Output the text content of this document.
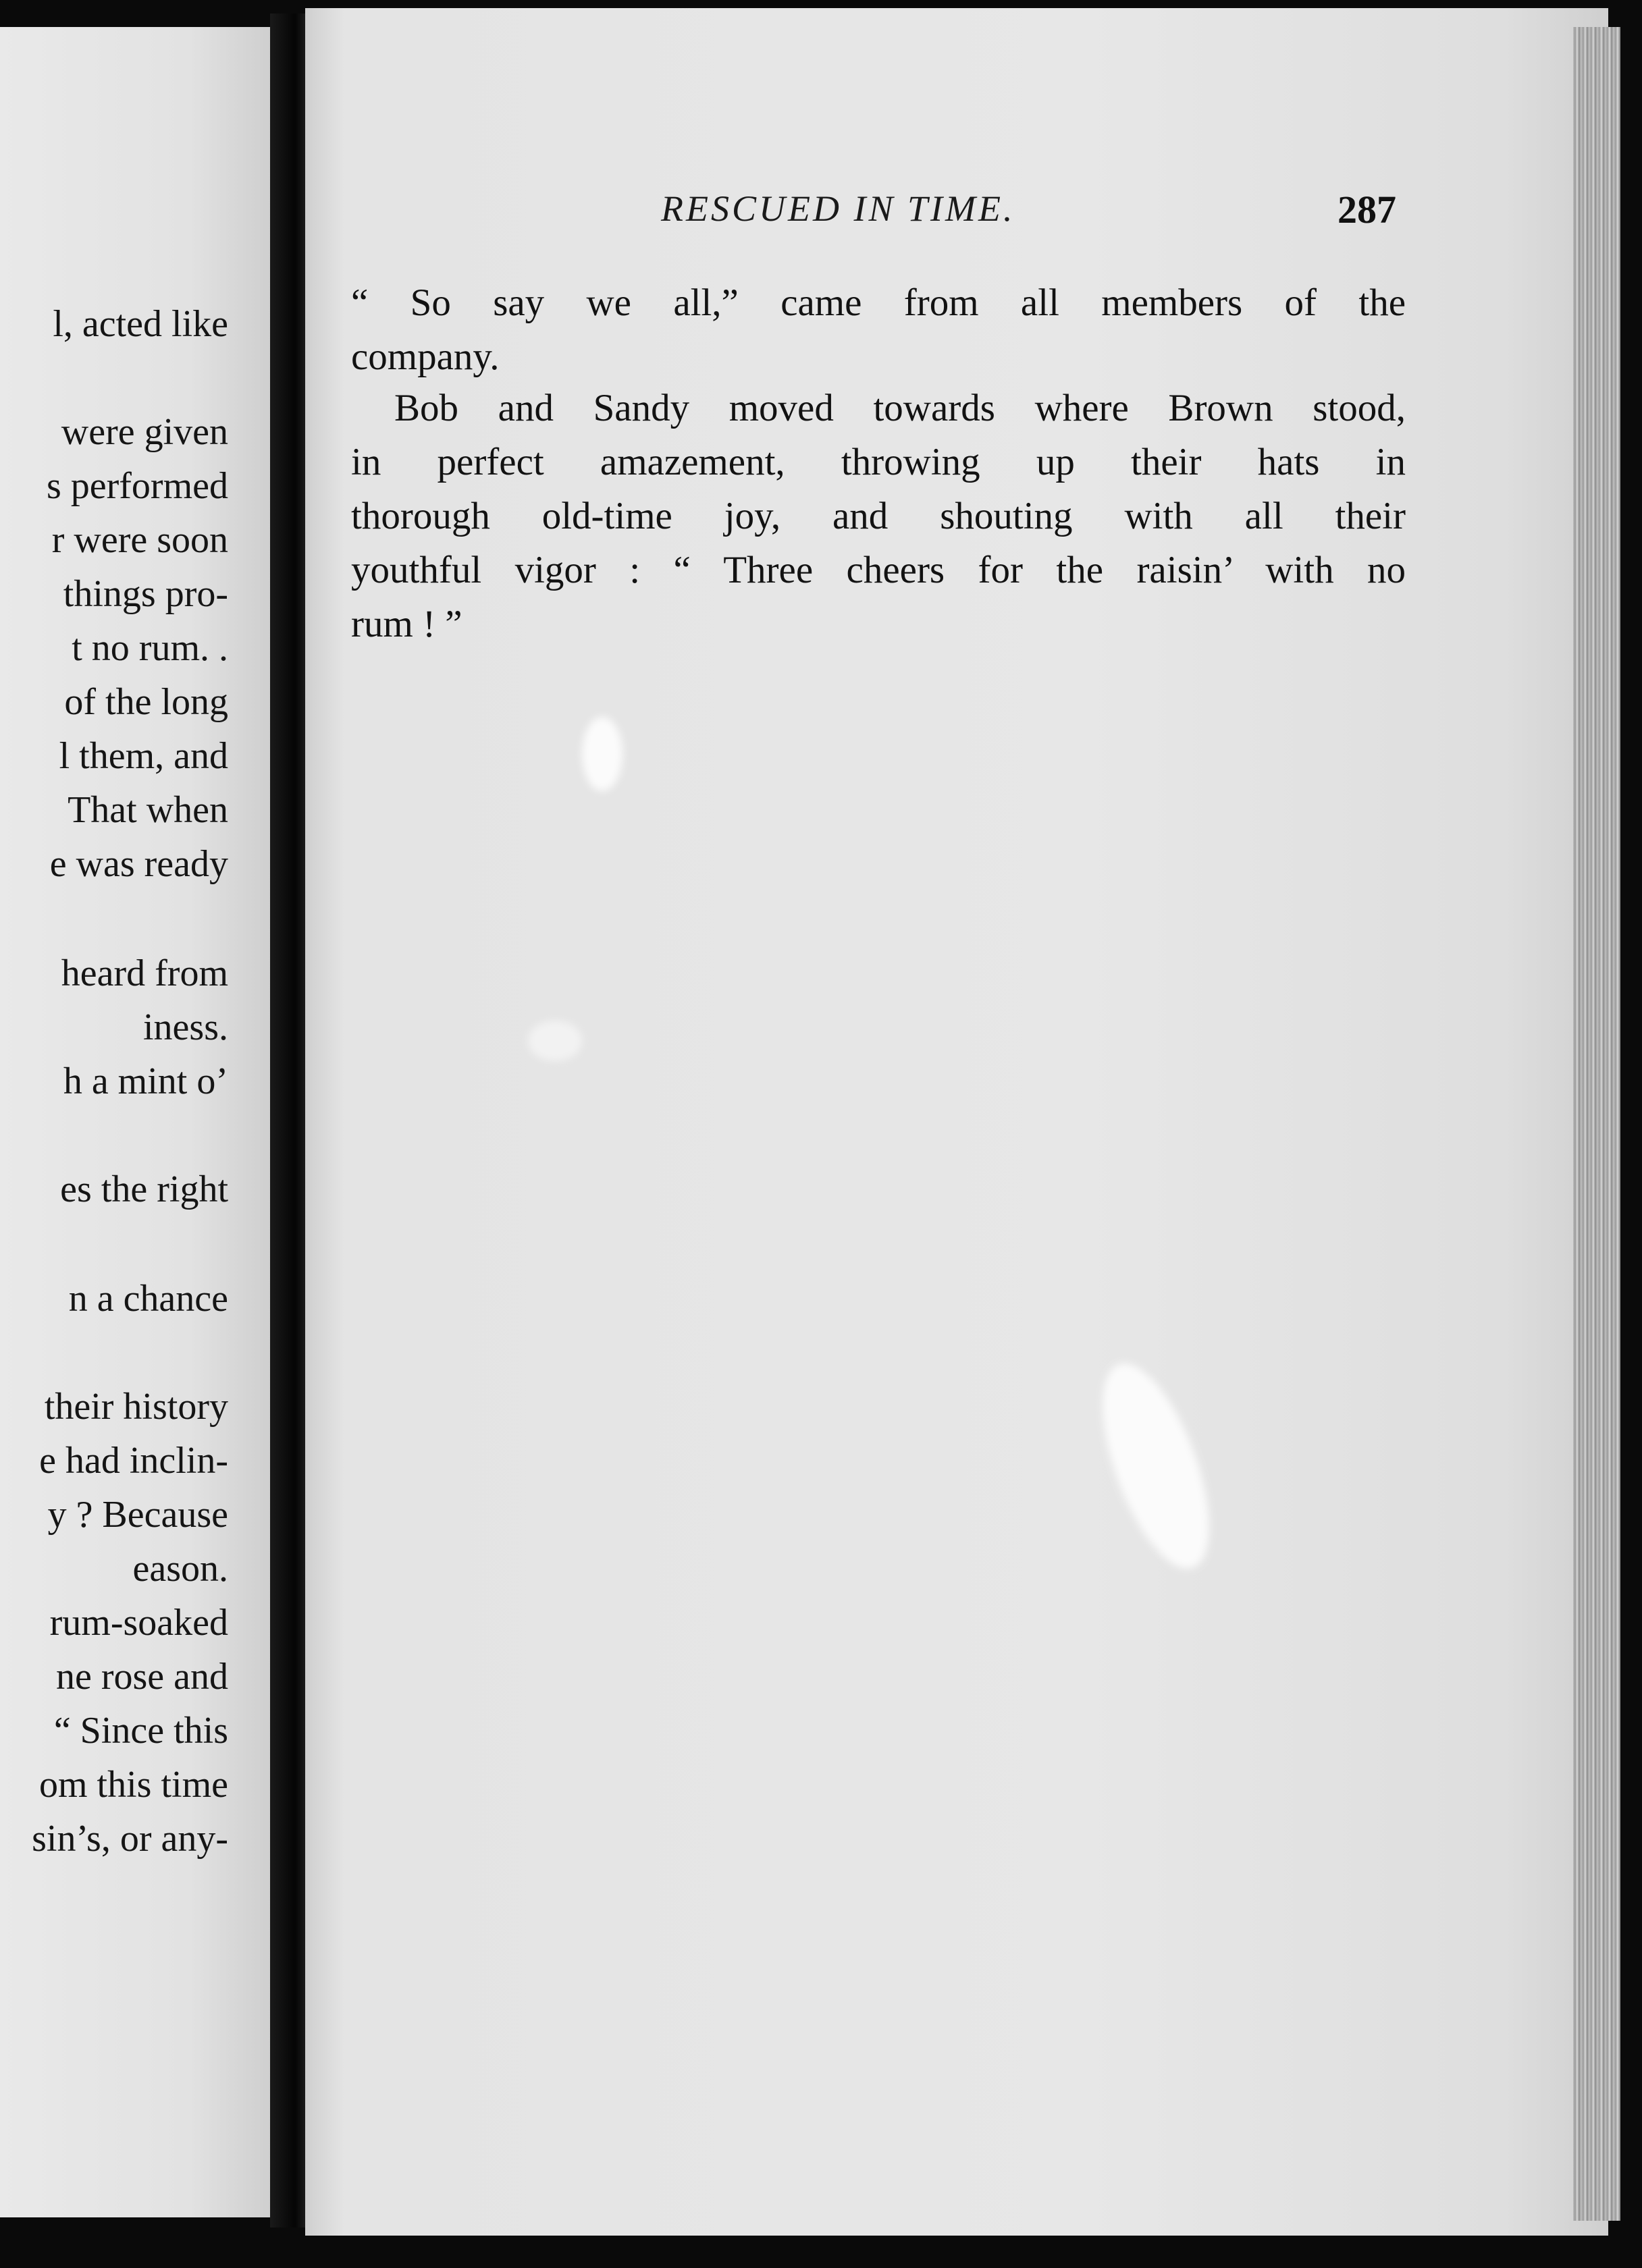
l, acted like
were given
s performed
r were soon
things pro-
t no rum. .
of the long
l them, and
That when
e was ready
heard from
iness.
h a mint o’
es the right
n a chance
their history
e had inclin-
y ? Because
eason.
rum-soaked
ne rose and
“ Since this
om this time
sin’s, or any-
RESCUED IN TIME.	287
“ So say we all,” came from all members of the
company.
Bob and Sandy moved towards where Brown stood,
in perfect amazement, throwing up their hats in
thorough old-time joy, and shouting with all their
youthful vigor : “ Three cheers for the raisin’ with no
rum ! ”
